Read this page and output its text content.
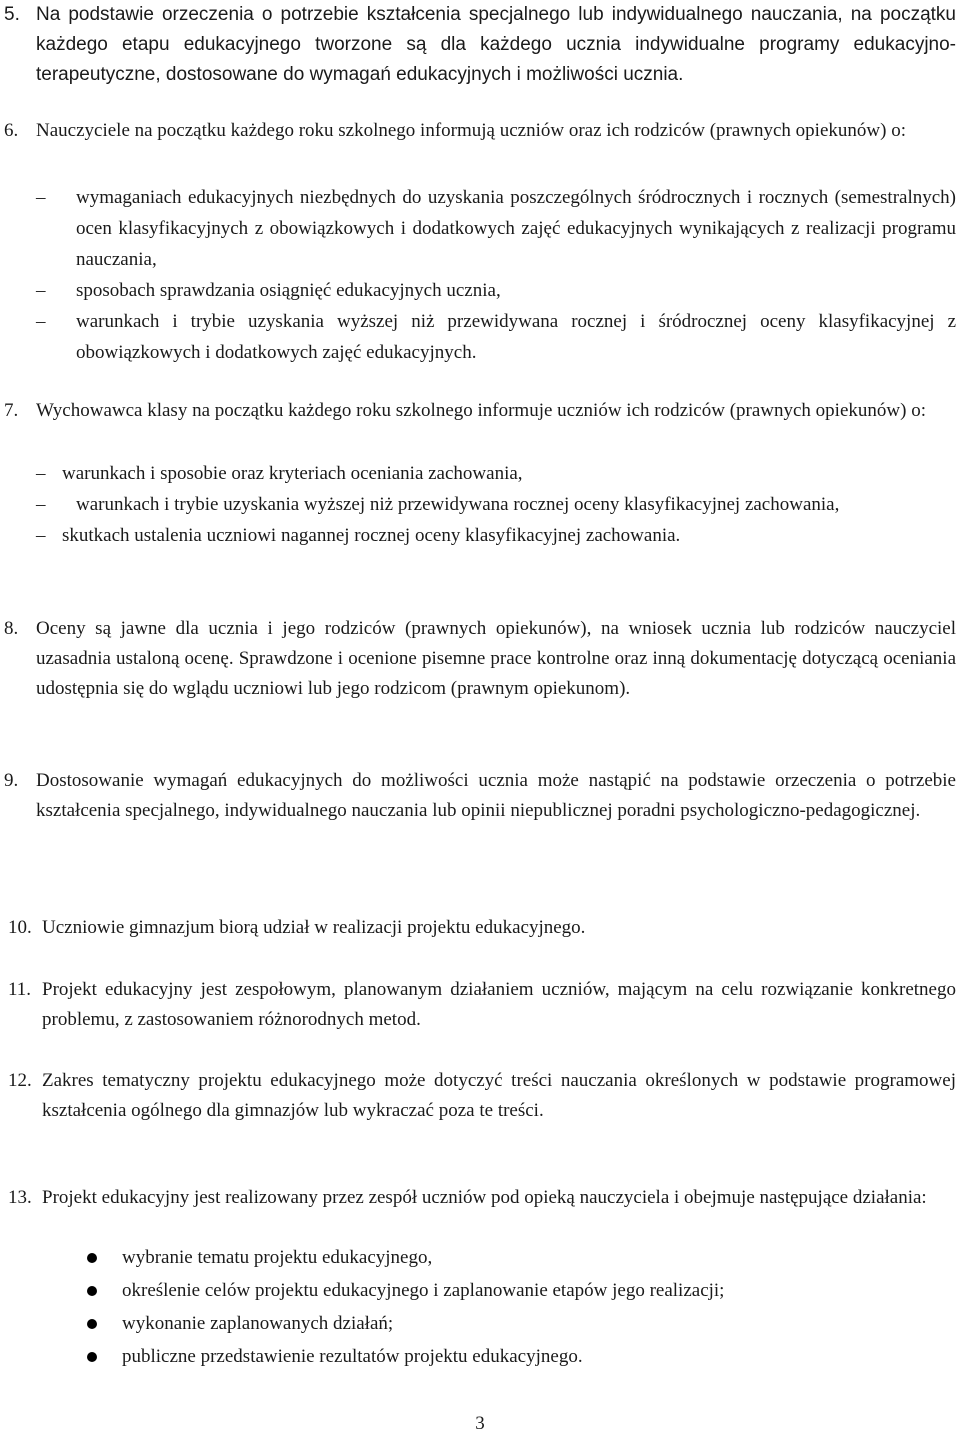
5. Na podstawie orzeczenia o potrzebie kształcenia specjalnego lub indywidualnego nauczania, na początku każdego etapu edukacyjnego tworzone są dla każdego ucznia indywidualne programy edukacyjno-terapeutyczne, dostosowane do wymagań edukacyjnych i możliwości ucznia.

6. Nauczyciele na początku każdego roku szkolnego informują uczniów oraz ich rodziców (prawnych opiekunów) o:

– wymaganiach edukacyjnych niezbędnych do uzyskania poszczególnych śródrocznych i rocznych (semestralnych) ocen klasyfikacyjnych z obowiązkowych i dodatkowych zajęć edukacyjnych wynikających z realizacji programu nauczania,
– sposobach sprawdzania osiągnięć edukacyjnych ucznia,
– warunkach i trybie uzyskania wyższej niż przewidywana rocznej i śródrocznej oceny klasyfikacyjnej z obowiązkowych i dodatkowych zajęć edukacyjnych.
7. Wychowawca klasy na początku każdego roku szkolnego informuje uczniów ich rodziców (prawnych opiekunów) o:

– warunkach i sposobie oraz kryteriach oceniania zachowania,
– warunkach i trybie uzyskania wyższej niż przewidywana rocznej oceny klasyfikacyjnej zachowania,
– skutkach ustalenia uczniowi nagannej rocznej oceny klasyfikacyjnej zachowania.
8. Oceny są jawne dla ucznia i jego rodziców (prawnych opiekunów), na wniosek ucznia lub rodziców nauczyciel uzasadnia ustaloną ocenę. Sprawdzone i ocenione pisemne prace kontrolne oraz inną dokumentację dotyczącą oceniania udostępnia się do wglądu uczniowi lub jego rodzicom (prawnym opiekunom).

9. Dostosowanie wymagań edukacyjnych do możliwości ucznia może nastąpić na podstawie orzeczenia o potrzebie kształcenia specjalnego, indywidualnego nauczania lub opinii niepublicznej poradni psychologiczno-pedagogicznej.

10. Uczniowie gimnazjum biorą udział w realizacji projektu edukacyjnego.

11. Projekt edukacyjny jest zespołowym, planowanym działaniem uczniów, mającym na celu rozwiązanie konkretnego problemu, z zastosowaniem różnorodnych metod.

12. Zakres tematyczny projektu edukacyjnego może dotyczyć treści nauczania określonych w podstawie programowej kształcenia ogólnego dla gimnazjów lub wykraczać poza te treści.

13. Projekt edukacyjny jest realizowany przez zespół uczniów pod opieką nauczyciela i obejmuje następujące działania:

wybranie tematu projektu edukacyjnego,
określenie celów projektu edukacyjnego i zaplanowanie etapów jego realizacji;
wykonanie zaplanowanych działań;
publiczne przedstawienie rezultatów projektu edukacyjnego.
3
